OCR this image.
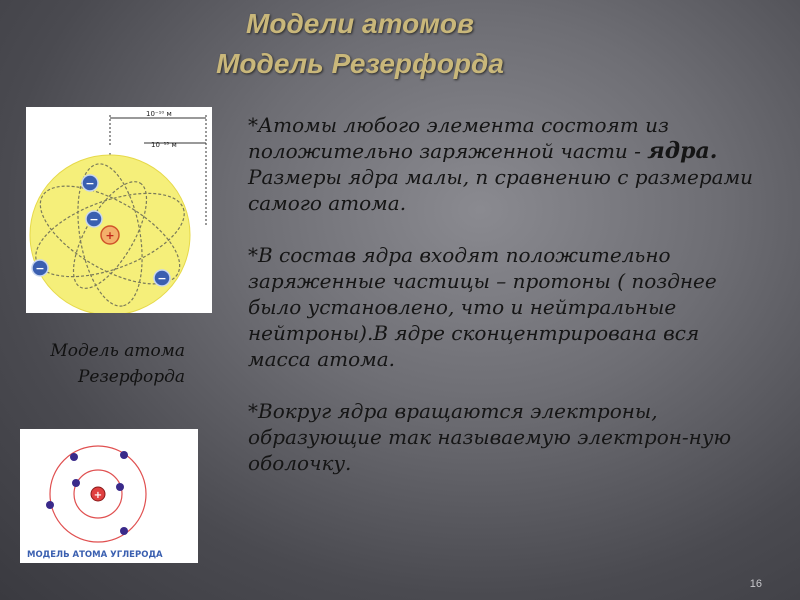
Модели атомов
Модель Резерфорда
10⁻¹⁰ м
10⁻¹⁵ м
+
−
−
−
−
Модель атома
Резерфорда
+
МОДЕЛЬ АТОМА УГЛЕРОДА

*Атомы любого элемента состоят из положительно заряженной части - ядра. Размеры ядра малы, п сравнению с размерами самого атома.

*В состав ядра входят положительно заряженные частицы – протоны ( позднее было установлено, что и нейтральные нейтроны).В ядре сконцентрирована вся масса атома.

*Вокруг ядра вращаются электроны, образующие так называемую электрон-ную оболочку.

16
